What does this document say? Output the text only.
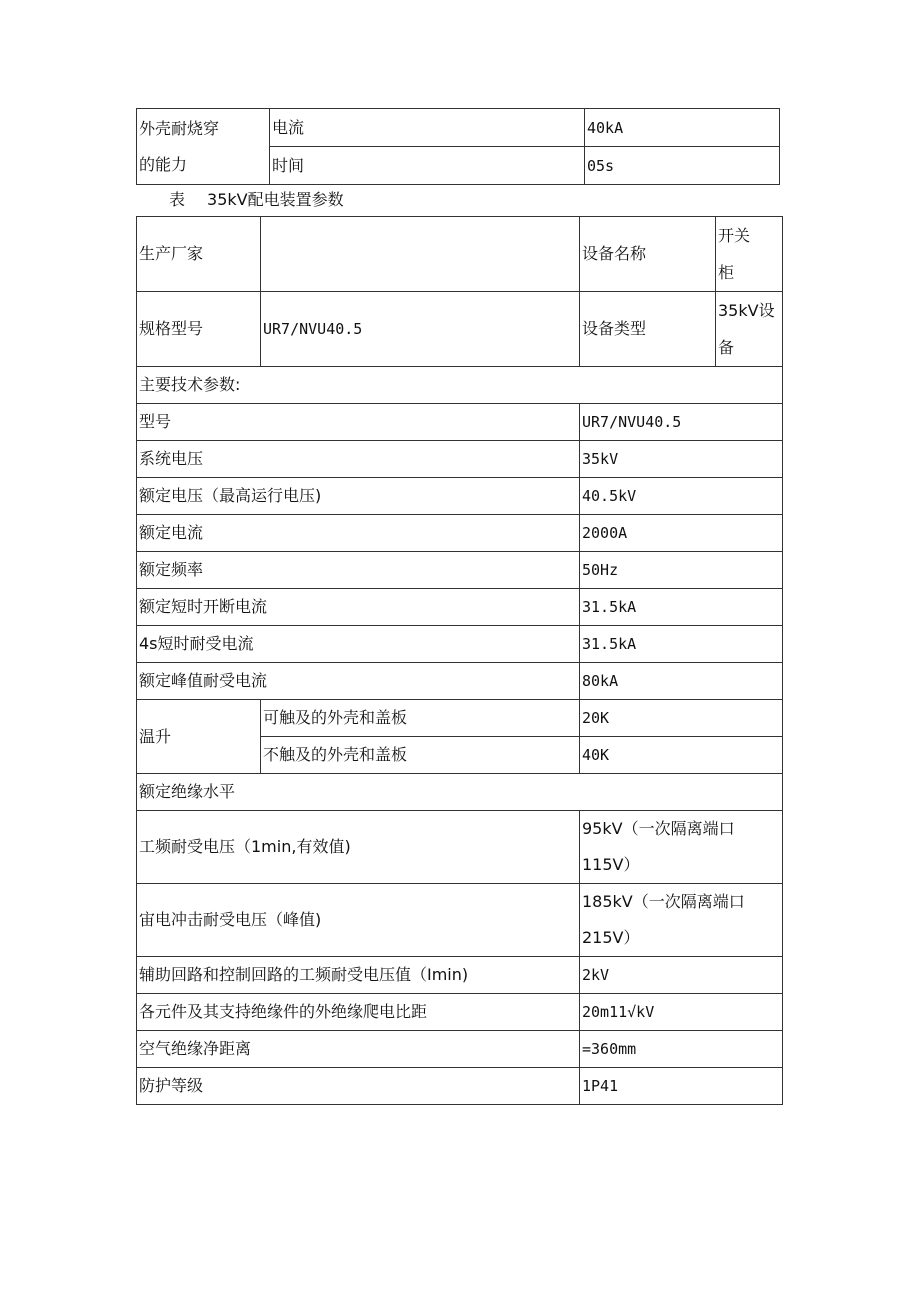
外壳耐烧穿
的能力	电流	40kA
	时间	05s
表 35kV配电装置参数
生产厂家		设备名称	开关
柜

规格型号	UR7/NVU40.5	设备类型	35kV设
备

主要技术参数:			
型号		UR7/NVU40.5	
系统电压		35kV	
额定电压（最高运行电压)		40.5kV	
额定电流		2000A	
额定频率		50Hz	
额定短时开断电流		31.5kA	
4s短时耐受电流		31.5kA	
额定峰值耐受电流		80kA	
温升	可触及的外壳和盖板	20K	
	不触及的外壳和盖板	40K	
额定绝缘水平			
工频耐受电压（1min,有效值)		95kV（一次隔离端口
115V）	

宙电冲击耐受电压（峰值)		185kV（一次隔离端口
215V）	

辅助回路和控制回路的工频耐受电压值（Imin)		2kV	
各元件及其支持绝缘件的外绝缘爬电比距		20m11√kV	
空气绝缘净距离		=360mm	
防护等级		1P41	
